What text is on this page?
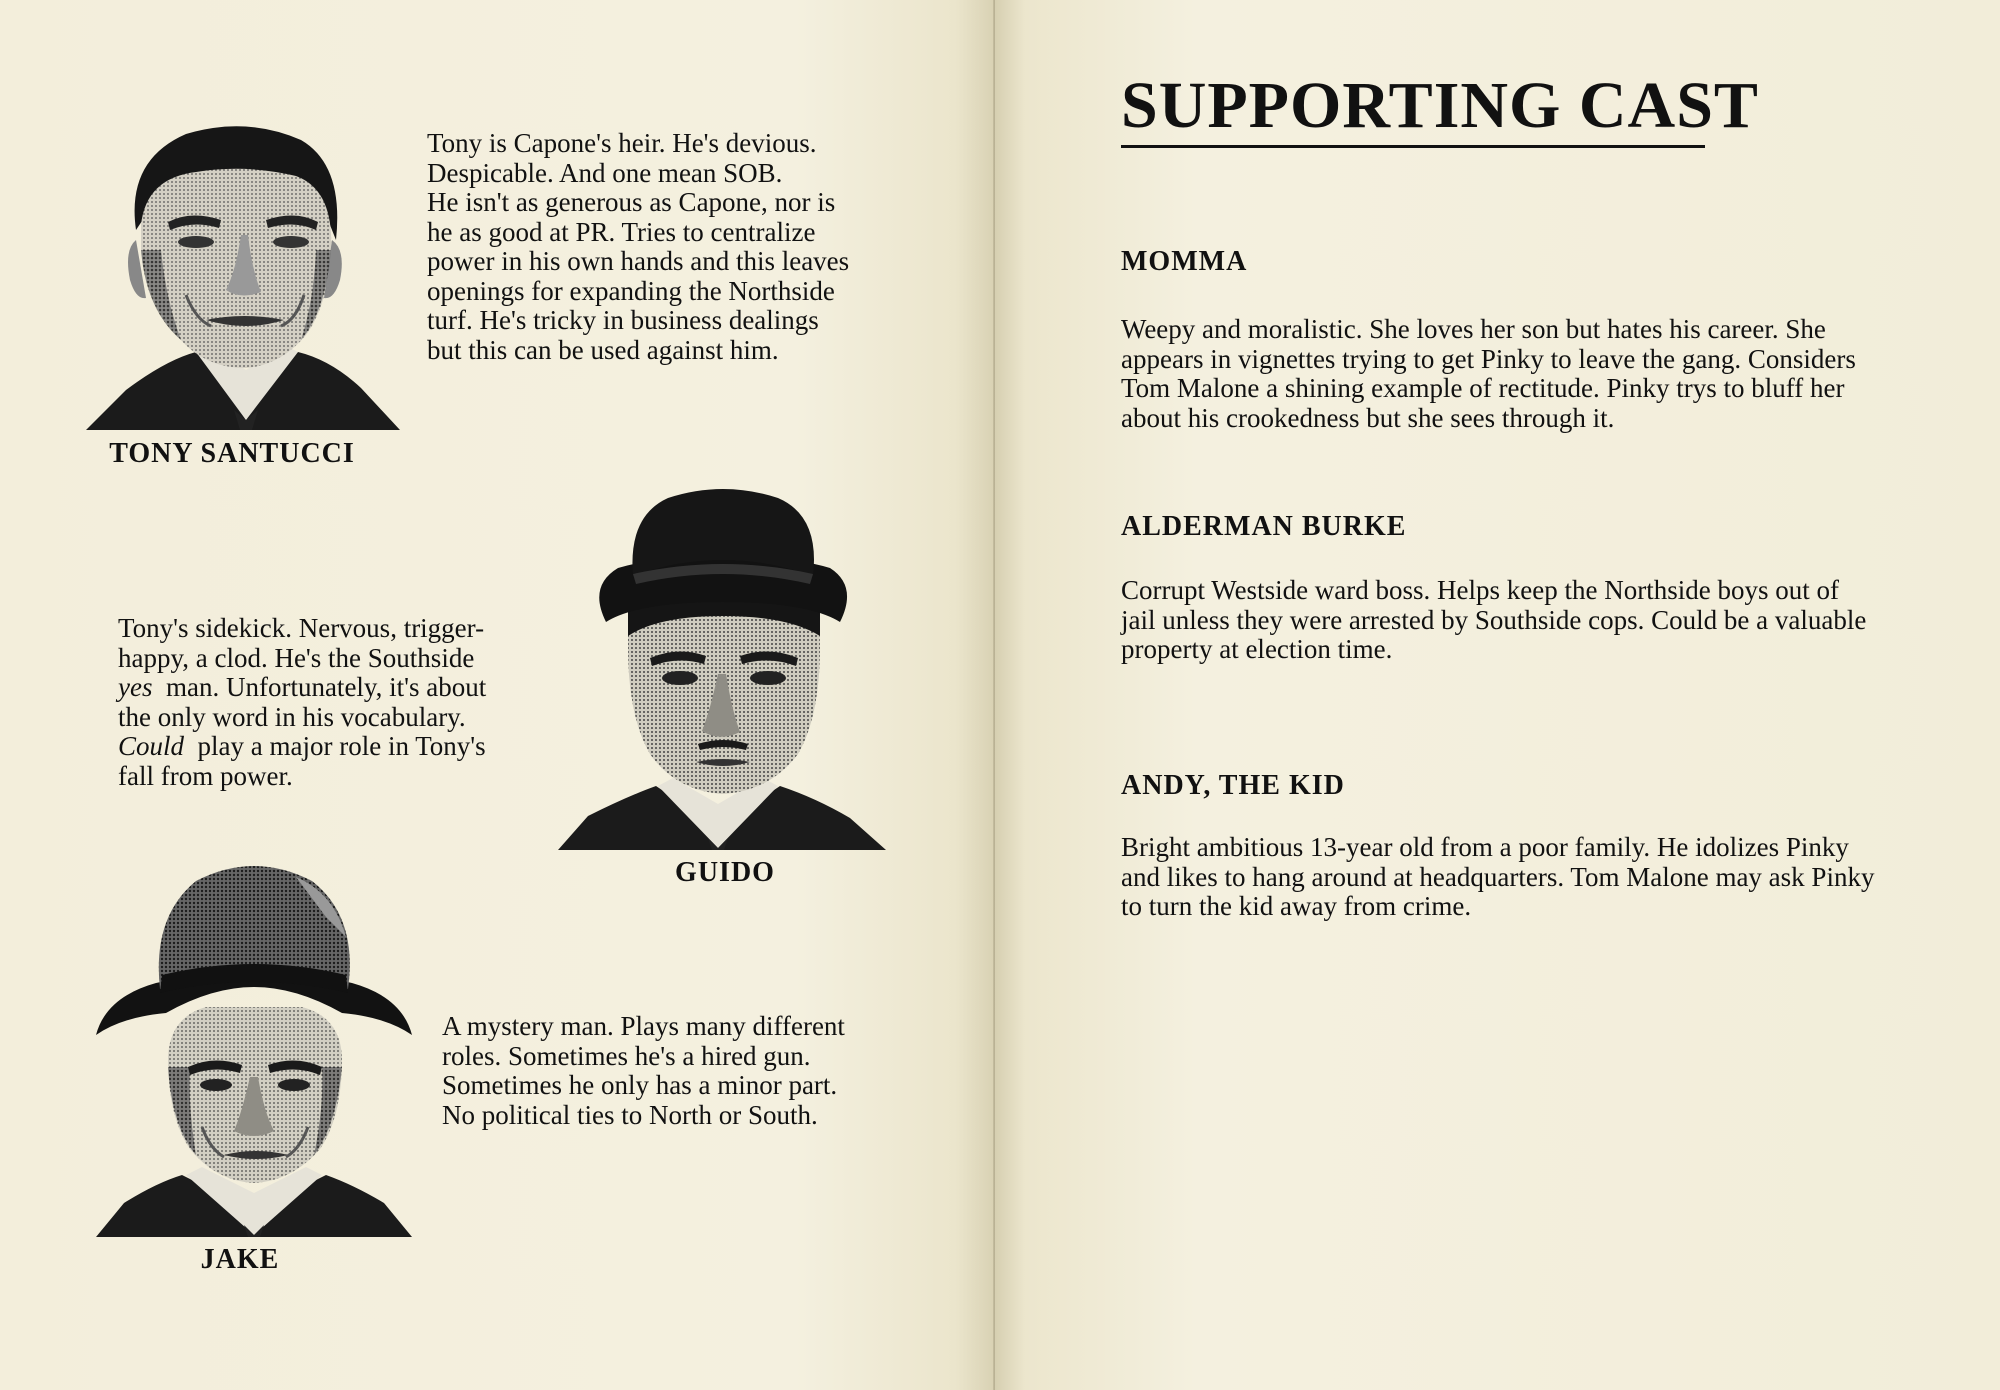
TONY SANTUCCI
Tony is Capone's heir. He's devious.
Despicable. And one mean SOB.
He isn't as generous as Capone, nor is
he as good at PR. Tries to centralize
power in his own hands and this leaves
openings for expanding the Northside
turf. He's tricky in business dealings
but this can be used against him.
Tony's sidekick. Nervous, trigger-
happy, a clod. He's the Southside
yes man. Unfortunately, it's about
the only word in his vocabulary.
Could play a major role in Tony's
fall from power.
GUIDO
JAKE
A mystery man. Plays many different
roles. Sometimes he's a hired gun.
Sometimes he only has a minor part.
No political ties to North or South.
SUPPORTING CAST
MOMMA
Weepy and moralistic. She loves her son but hates his career. She
appears in vignettes trying to get Pinky to leave the gang. Considers
Tom Malone a shining example of rectitude. Pinky trys to bluff her
about his crookedness but she sees through it.
ALDERMAN BURKE
Corrupt Westside ward boss. Helps keep the Northside boys out of
jail unless they were arrested by Southside cops. Could be a valuable
property at election time.
ANDY, THE KID
Bright ambitious 13-year old from a poor family. He idolizes Pinky
and likes to hang around at headquarters. Tom Malone may ask Pinky
to turn the kid away from crime.
